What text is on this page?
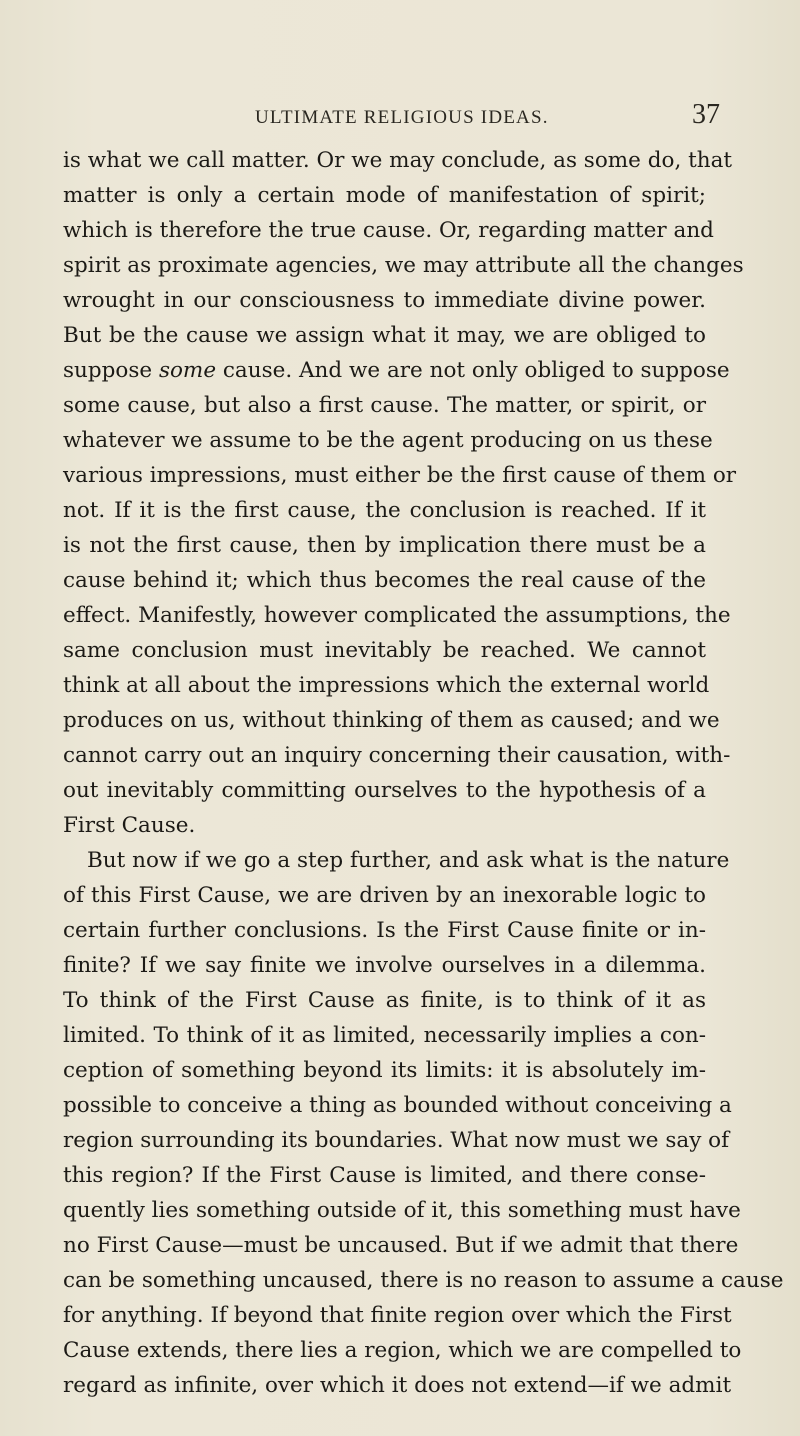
ULTIMATE RELIGIOUS IDEAS.	37
is what we call matter. Or we may conclude, as some do, that
matter is only a certain mode of manifestation of spirit;
which is therefore the true cause. Or, regarding matter and
spirit as proximate agencies, we may attribute all the changes
wrought in our consciousness to immediate divine power.
But be the cause we assign what it may, we are obliged to
suppose some cause. And we are not only obliged to suppose
some cause, but also a first cause. The matter, or spirit, or
whatever we assume to be the agent producing on us these
various impressions, must either be the first cause of them or
not. If it is the first cause, the conclusion is reached. If it
is not the first cause, then by implication there must be a
cause behind it; which thus becomes the real cause of the
effect. Manifestly, however complicated the assumptions, the
same conclusion must inevitably be reached. We cannot
think at all about the impressions which the external world
produces on us, without thinking of them as caused; and we
cannot carry out an inquiry concerning their causation, with-
out inevitably committing ourselves to the hypothesis of a
First Cause.
But now if we go a step further, and ask what is the nature
of this First Cause, we are driven by an inexorable logic to
certain further conclusions. Is the First Cause finite or in-
finite? If we say finite we involve ourselves in a dilemma.
To think of the First Cause as finite, is to think of it as
limited. To think of it as limited, necessarily implies a con-
ception of something beyond its limits: it is absolutely im-
possible to conceive a thing as bounded without conceiving a
region surrounding its boundaries. What now must we say of
this region? If the First Cause is limited, and there conse-
quently lies something outside of it, this something must have
no First Cause—must be uncaused. But if we admit that there
can be something uncaused, there is no reason to assume a cause
for anything. If beyond that finite region over which the First
Cause extends, there lies a region, which we are compelled to
regard as infinite, over which it does not extend—if we admit
